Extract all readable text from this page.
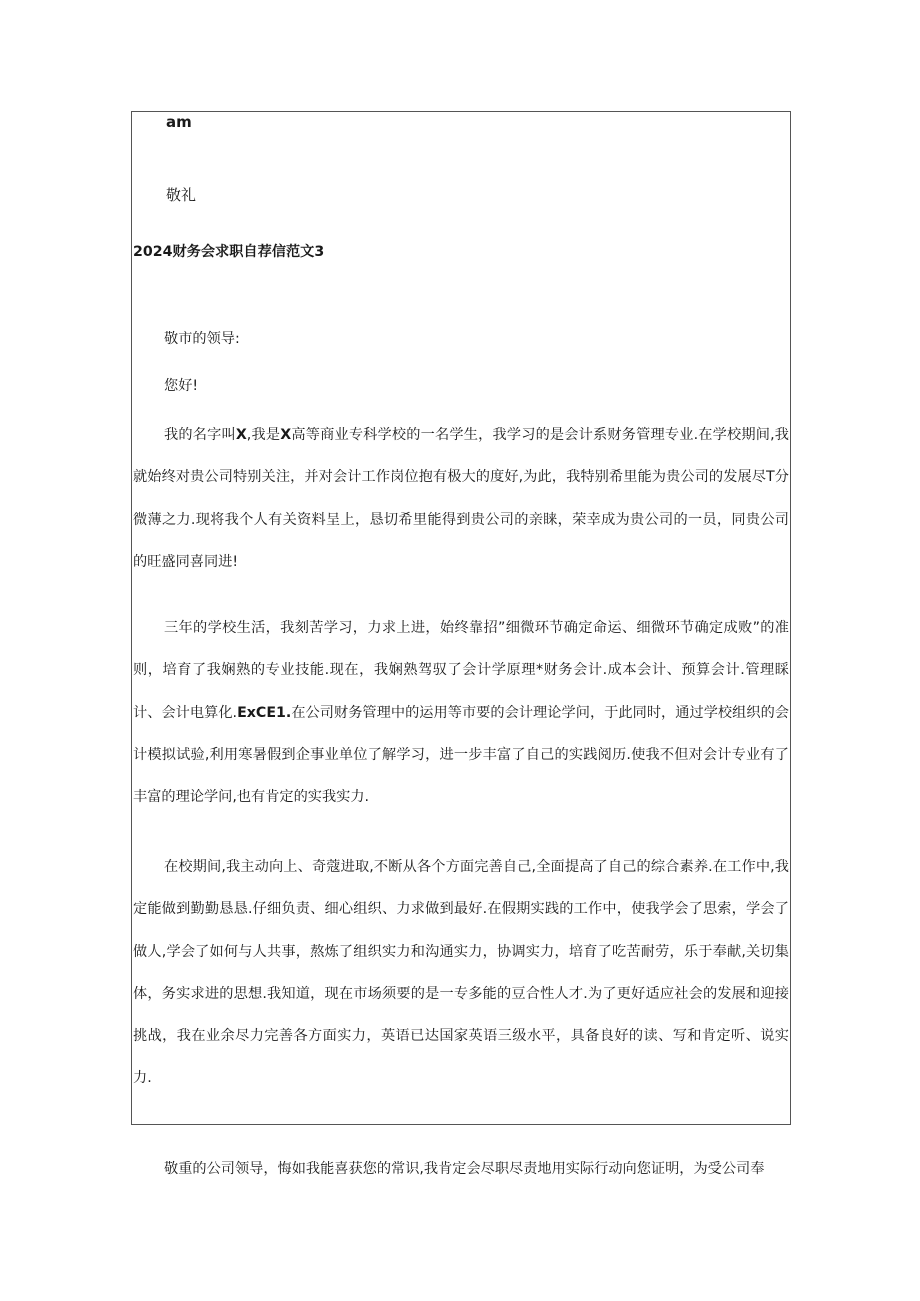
am
敬礼
2024财务会求职自荐信范文3
敬市的领导:
您好!

我的名字叫X,我是X高等商业专科学校的一名学生，我学习的是会计系财务管理专业.在学校期间,我就始终对贵公司特别关注，并对会计工作岗位抱有极大的度好,为此，我特别希里能为贵公司的发展尽T分微薄之力.现将我个人有关资料呈上，恳切希里能得到贵公司的亲睐，荣幸成为贵公司的一员，同贵公司的旺盛同喜同进!

三年的学校生活，我刻苦学习，力求上进，始终靠招”细微环节确定命运、细微环节确定成败”的准则，培育了我娴熟的专业技能.现在，我娴熟驾驭了会计学原理*财务会计.成本会计、预算会计.管理睬计、会计电算化.ExCE1.在公司财务管理中的运用等市要的会计理论学问，于此同时，通过学校组织的会计模拟试验,利用寒暑假到企事业单位了解学习，进一步丰富了自己的实践阅历.使我不但对会计专业有了丰富的理论学问,也有肯定的实我实力.

在校期间,我主动向上、奇蔻进取,不断从各个方面完善自己,全面提高了自己的综合素养.在工作中,我定能做到勤勤恳恳.仔细负责、细心组织、力求做到最好.在假期实践的工作中，使我学会了思索，学会了做人,学会了如何与人共事，熬炼了组织实力和沟通实力，协调实力，培育了吃苦耐劳，乐于奉献,关切集体，务实求进的思想.我知道，现在市场须要的是一专多能的豆合性人才.为了更好适应社会的发展和迎接挑战，我在业余尽力完善各方面实力，英语已达国家英语三级水平，具备良好的读、写和肯定听、说实力.

敬重的公司领导，悔如我能喜获您的常识,我肯定会尽职尽责地用实际行动向您证明，为受公司奉
